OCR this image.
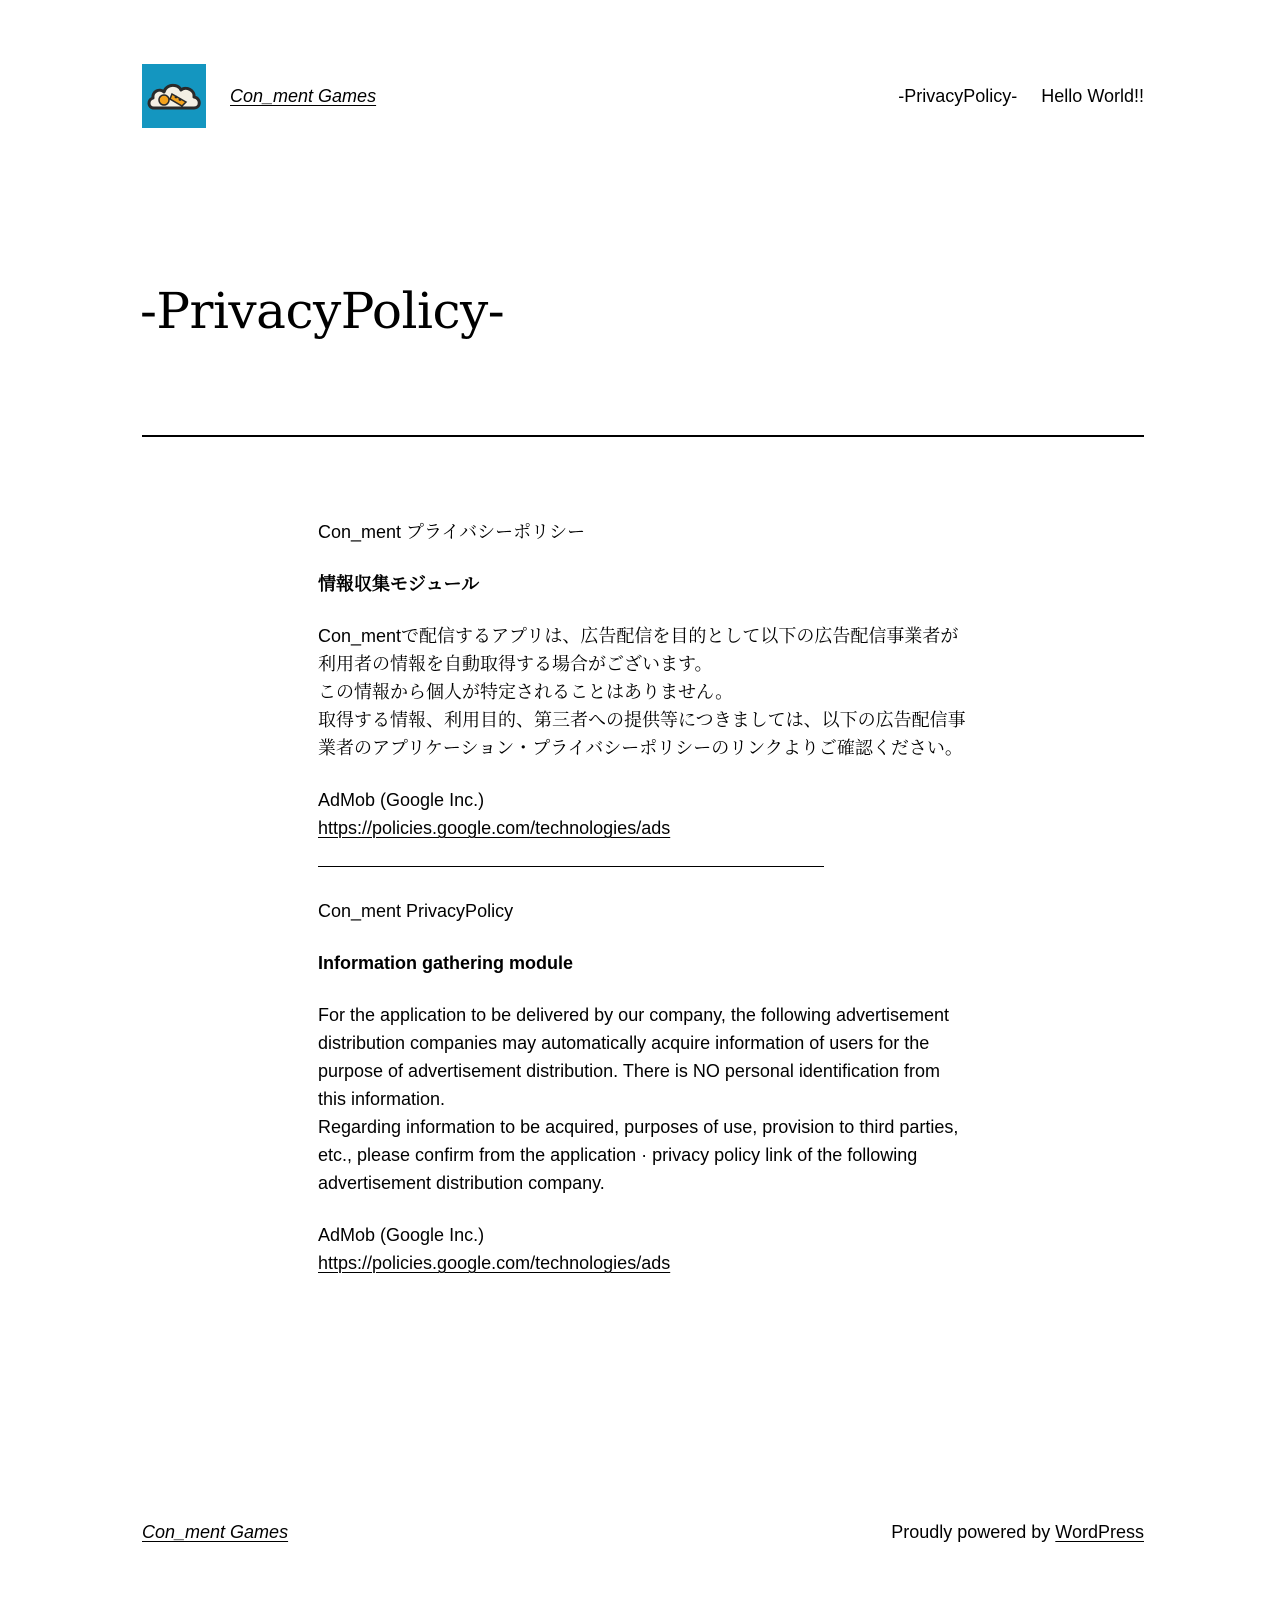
Con_ment Games	-PrivacyPolicy- Hello World!!
-PrivacyPolicy-

Con_ment プライバシーポリシー

情報収集モジュール

Con_mentで配信するアプリは、広告配信を目的として以下の広告配信事業者が
利用者の情報を自動取得する場合がございます。
この情報から個人が特定されることはありません。
取得する情報、利用目的、第三者への提供等につきましては、以下の広告配信事
業者のアプリケーション・プライバシーポリシーのリンクよりご確認ください。

AdMob (Google Inc.)
https://policies.google.com/technologies/ads

Con_ment PrivacyPolicy

Information gathering module

For the application to be delivered by our company, the following advertisement
distribution companies may automatically acquire information of users for the
purpose of advertisement distribution. There is NO personal identification from
this information.
Regarding information to be acquired, purposes of use, provision to third parties,
etc., please confirm from the application · privacy policy link of the following
advertisement distribution company.

AdMob (Google Inc.)
https://policies.google.com/technologies/ads

Con_ment Games	Proudly powered by WordPress
